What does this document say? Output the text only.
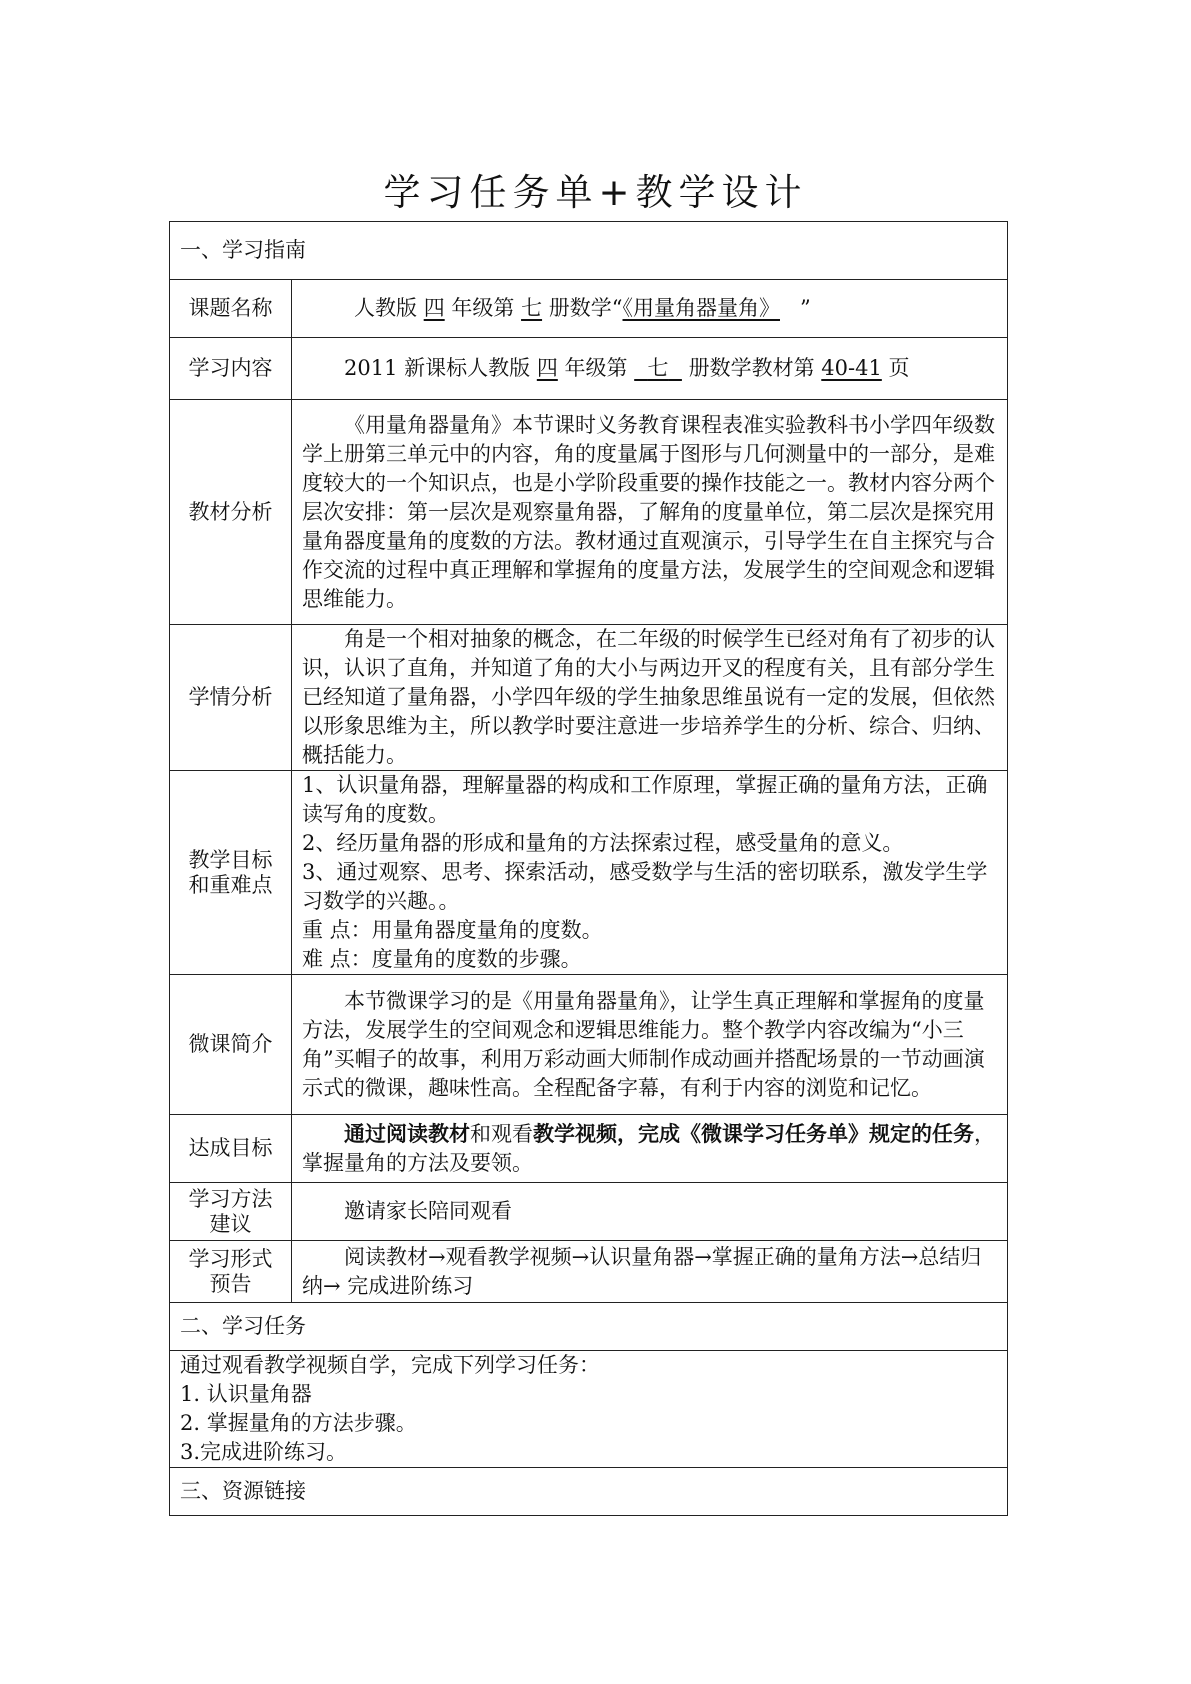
学习任务单+教学设计
一、学习指南	
课题名称	人教版 四 年级第 七 册数学“《用量角器量角》 ”
学习内容	2011 新课标人教版 四 年级第 七 册数学教材第 40-41 页

教材分析	《用量角器量角》本节课时义务教育课程表准实验教科书小学四年级数学上册第三单元中的内容，角的度量属于图形与几何测量中的一部分，是难度较大的一个知识点，也是小学阶段重要的操作技能之一。教材内容分两个层次安排：第一层次是观察量角器，了解角的度量单位，第二层次是探究用量角器度量角的度数的方法。教材通过直观演示，引导学生在自主探究与合作交流的过程中真正理解和掌握角的度量方法，发展学生的空间观念和逻辑思维能力。

学情分析	角是一个相对抽象的概念，在二年级的时候学生已经对角有了初步的认识，认识了直角，并知道了角的大小与两边开叉的程度有关，且有部分学生已经知道了量角器，小学四年级的学生抽象思维虽说有一定的发展，但依然以形象思维为主，所以教学时要注意进一步培养学生的分析、综合、归纳、概括能力。

教学目标和重难点	1、认识量角器，理解量器的构成和工作原理，掌握正确的量角方法，正确读写角的度数。
2、经历量角器的形成和量角的方法探索过程，感受量角的意义。
3、通过观察、思考、探索活动，感受数学与生活的密切联系，激发学生学习数学的兴趣。。
重 点：用量角器度量角的度数。
难 点：度量角的度数的步骤。

微课简介	本节微课学习的是《用量角器量角》，让学生真正理解和掌握角的度量方法，发展学生的空间观念和逻辑思维能力。整个教学内容改编为“小三角”买帽子的故事，利用万彩动画大师制作成动画并搭配场景的一节动画演示式的微课，趣味性高。全程配备字幕，有利于内容的浏览和记忆。

达成目标	通过阅读教材和观看教学视频，完成《微课学习任务单》规定的任务，掌握量角的方法及要领。

学习方法建议	邀请家长陪同观看

学习形式预告	阅读教材→观看教学视频→认识量角器→掌握正确的量角方法→总结归纳→ 完成进阶练习

二、学习任务	

通过观看教学视频自学，完成下列学习任务：
1. 认识量角器
2. 掌握量角的方法步骤。
3.完成进阶练习。	

三、资源链接	
